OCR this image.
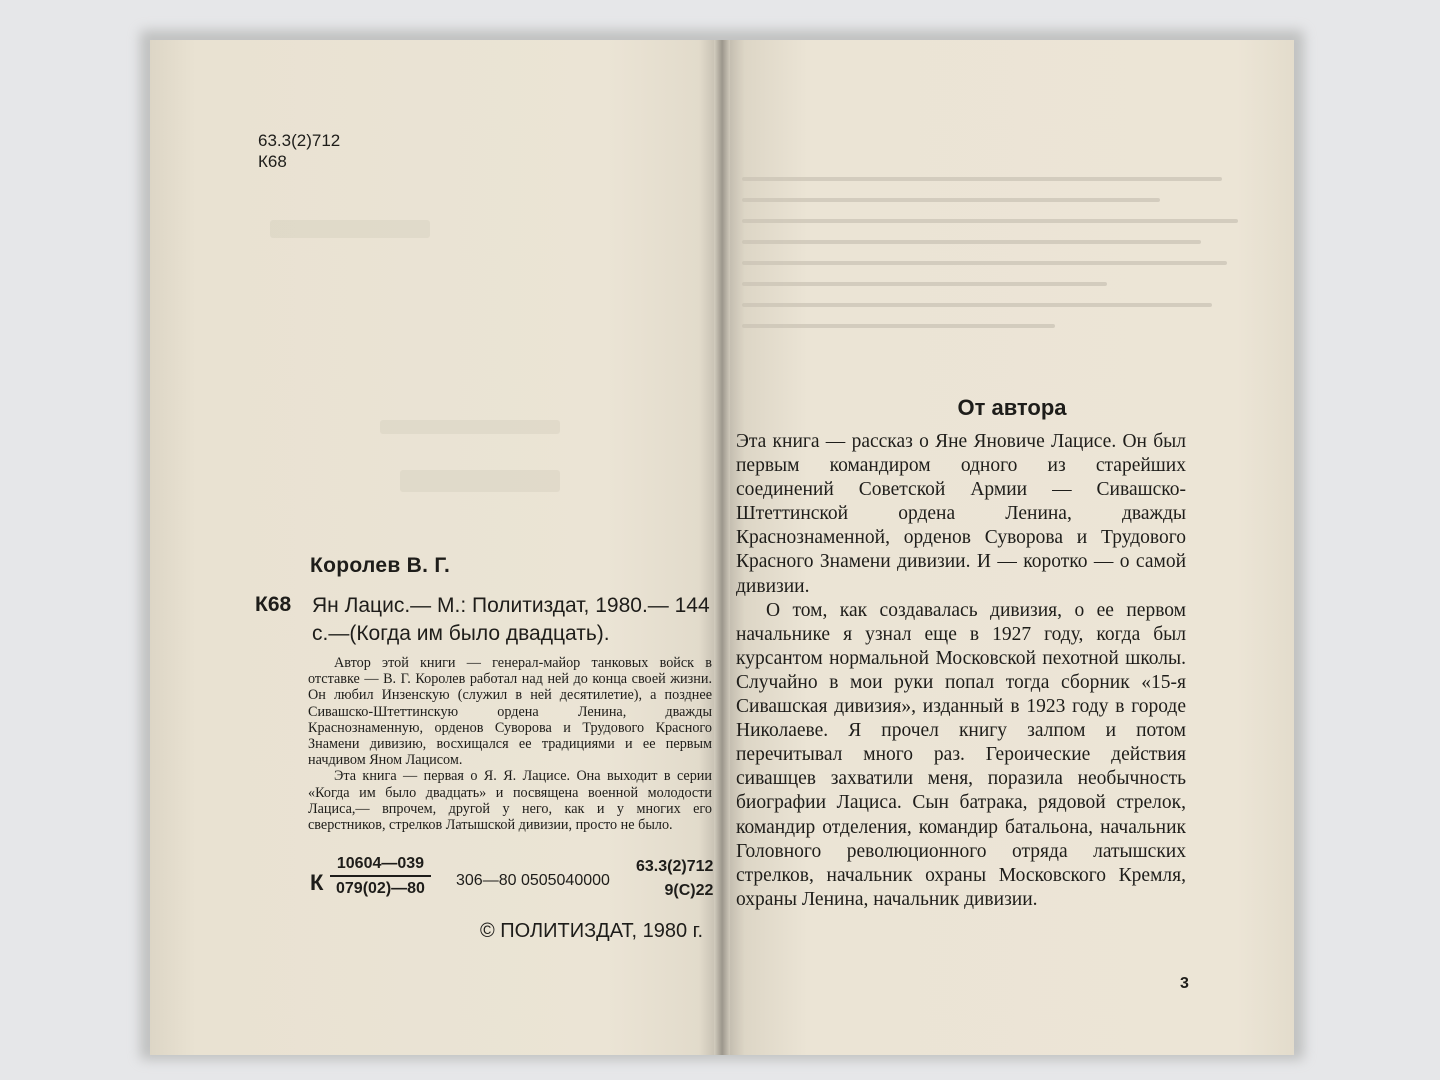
63.3(2)712
К68
Королев В. Г.
К68 Ян Лацис.— М.: Политиздат, 1980.— 144 с.—(Когда им было двадцать).

Автор этой книги — генерал-майор танковых войск в отставке — В. Г. Королев работал над ней до конца своей жизни. Он любил Инзенскую (служил в ней десятилетие), а позднее Сивашско-Штеттинскую ордена Ленина, дважды Краснознаменную, орденов Суворова и Трудового Красного Знамени дивизию, восхищался ее традициями и ее первым начдивом Яном Лацисом.

Эта книга — первая о Я. Я. Лацисе. Она выходит в серии «Когда им было двадцать» и посвящена военной молодости Лациса,— впрочем, другой у него, как и у многих его сверстников, стрелков Латышской дивизии, просто не было.

К $\frac{10604—039}{079(02)—80}$ 306—80 0505040000
63.3(2)712
9(С)22
© ПОЛИТИЗДАТ, 1980 г.
От автора

Эта книга — рассказ о Яне Яновиче Лацисе. Он был первым командиром одного из старейших соединений Советской Армии — Сивашско-Штеттинской ордена Ленина, дважды Краснознаменной, орденов Суворова и Трудового Красного Знамени дивизии. И — коротко — о самой дивизии.

О том, как создавалась дивизия, о ее первом начальнике я узнал еще в 1927 году, когда был курсантом нормальной Московской пехотной школы. Случайно в мои руки попал тогда сборник «15-я Сивашская дивизия», изданный в 1923 году в городе Николаеве. Я прочел книгу залпом и потом перечитывал много раз. Героические действия сивашцев захватили меня, поразила необычность биографии Лациса. Сын батрака, рядовой стрелок, командир отделения, командир батальона, начальник Головного революционного отряда латышских стрелков, начальник охраны Московского Кремля, охраны Ленина, начальник дивизии.

3
